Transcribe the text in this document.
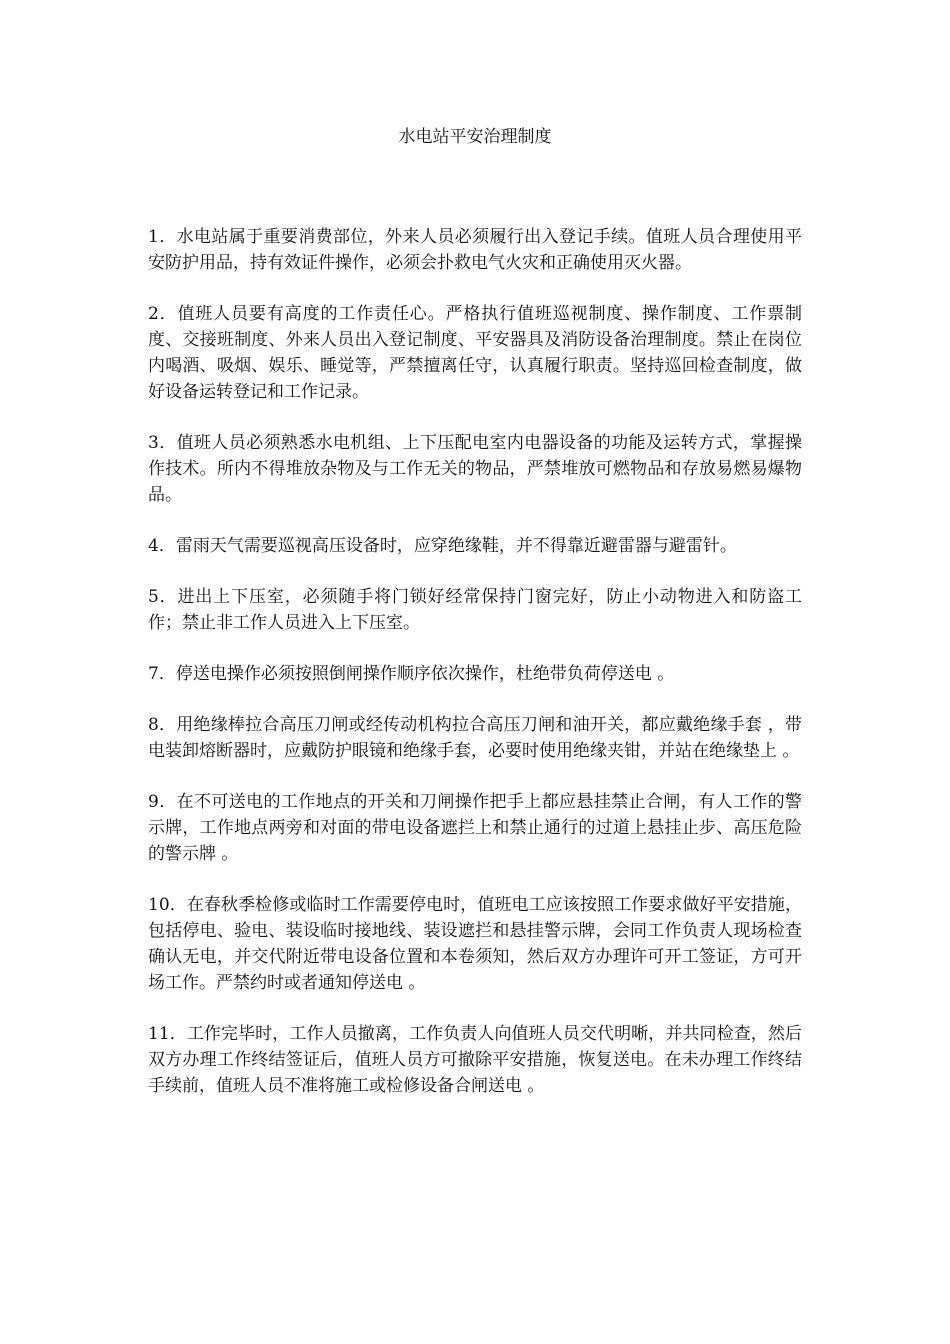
水电站平安治理制度

1．水电站属于重要消费部位，外来人员必须履行出入登记手续。值班人员合理使用平安防护用品，持有效证件操作，必须会扑救电气火灾和正确使用灭火器。

2．值班人员要有高度的工作责任心。严格执行值班巡视制度、操作制度、工作票制度、交接班制度、外来人员出入登记制度、平安器具及消防设备治理制度。禁止在岗位内喝酒、吸烟、娱乐、睡觉等，严禁擅离任守，认真履行职责。坚持巡回检查制度，做好设备运转登记和工作记录。

3．值班人员必须熟悉水电机组、上下压配电室内电器设备的功能及运转方式，掌握操作技术。所内不得堆放杂物及与工作无关的物品，严禁堆放可燃物品和存放易燃易爆物品。

4．雷雨天气需要巡视高压设备时，应穿绝缘鞋，并不得靠近避雷器与避雷针。

5．进出上下压室，必须随手将门锁好经常保持门窗完好，防止小动物进入和防盗工作；禁止非工作人员进入上下压室。

7．停送电操作必须按照倒闸操作顺序依次操作，杜绝带负荷停送电 。

8．用绝缘棒拉合高压刀闸或经传动机构拉合高压刀闸和油开关，都应戴绝缘手套 ，带电装卸熔断器时，应戴防护眼镜和绝缘手套，必要时使用绝缘夹钳，并站在绝缘垫上 。

9．在不可送电的工作地点的开关和刀闸操作把手上都应悬挂禁止合闸，有人工作的警示牌，工作地点两旁和对面的带电设备遮拦上和禁止通行的过道上悬挂止步、高压危险的警示牌 。

10．在春秋季检修或临时工作需要停电时，值班电工应该按照工作要求做好平安措施，包括停电、验电、装设临时接地线、装设遮拦和悬挂警示牌，会同工作负责人现场检查确认无电，并交代附近带电设备位置和本卷须知，然后双方办理许可开工签证，方可开场工作。严禁约时或者通知停送电 。

11．工作完毕时，工作人员撤离，工作负责人向值班人员交代明晰，并共同检查，然后双方办理工作终结签证后，值班人员方可撤除平安措施，恢复送电。在未办理工作终结手续前，值班人员不准将施工或检修设备合闸送电 。
